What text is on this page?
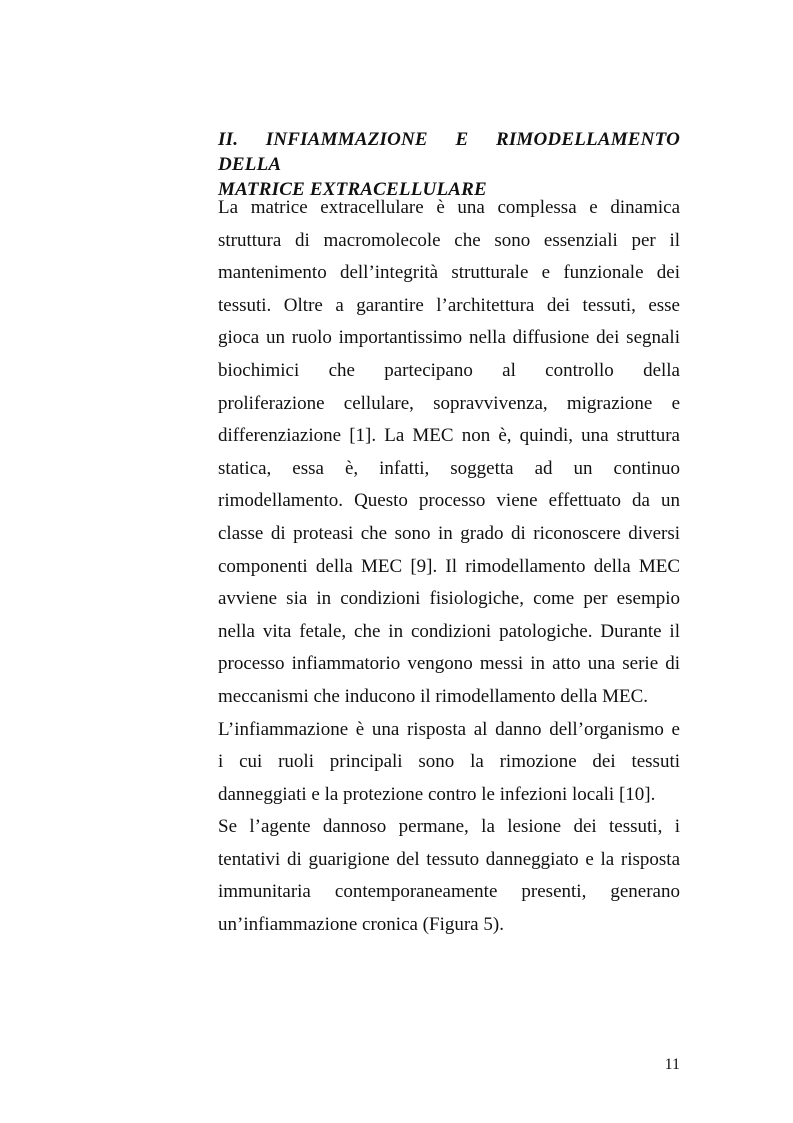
II. INFIAMMAZIONE E RIMODELLAMENTO DELLA
MATRICE EXTRACELLULARE
La matrice extracellulare è una complessa e dinamica
struttura di macromolecole che sono essenziali per il
mantenimento dell’integrità strutturale e funzionale dei
tessuti. Oltre a garantire l’architettura dei tessuti, esse
gioca un ruolo importantissimo nella diffusione dei segnali
biochimici che partecipano al controllo della
proliferazione cellulare, sopravvivenza, migrazione e
differenziazione [1]. La MEC non è, quindi, una struttura
statica, essa è, infatti, soggetta ad un continuo
rimodellamento. Questo processo viene effettuato da un
classe di proteasi che sono in grado di riconoscere diversi
componenti della MEC [9]. Il rimodellamento della MEC
avviene sia in condizioni fisiologiche, come per esempio
nella vita fetale, che in condizioni patologiche. Durante il
processo infiammatorio vengono messi in atto una serie di
meccanismi che inducono il rimodellamento della MEC.
L’infiammazione è una risposta al danno dell’organismo e
i cui ruoli principali sono la rimozione dei tessuti
danneggiati e la protezione contro le infezioni locali [10].
Se l’agente dannoso permane, la lesione dei tessuti, i
tentativi di guarigione del tessuto danneggiato e la risposta
immunitaria contemporaneamente presenti, generano
un’infiammazione cronica (Figura 5).
11
